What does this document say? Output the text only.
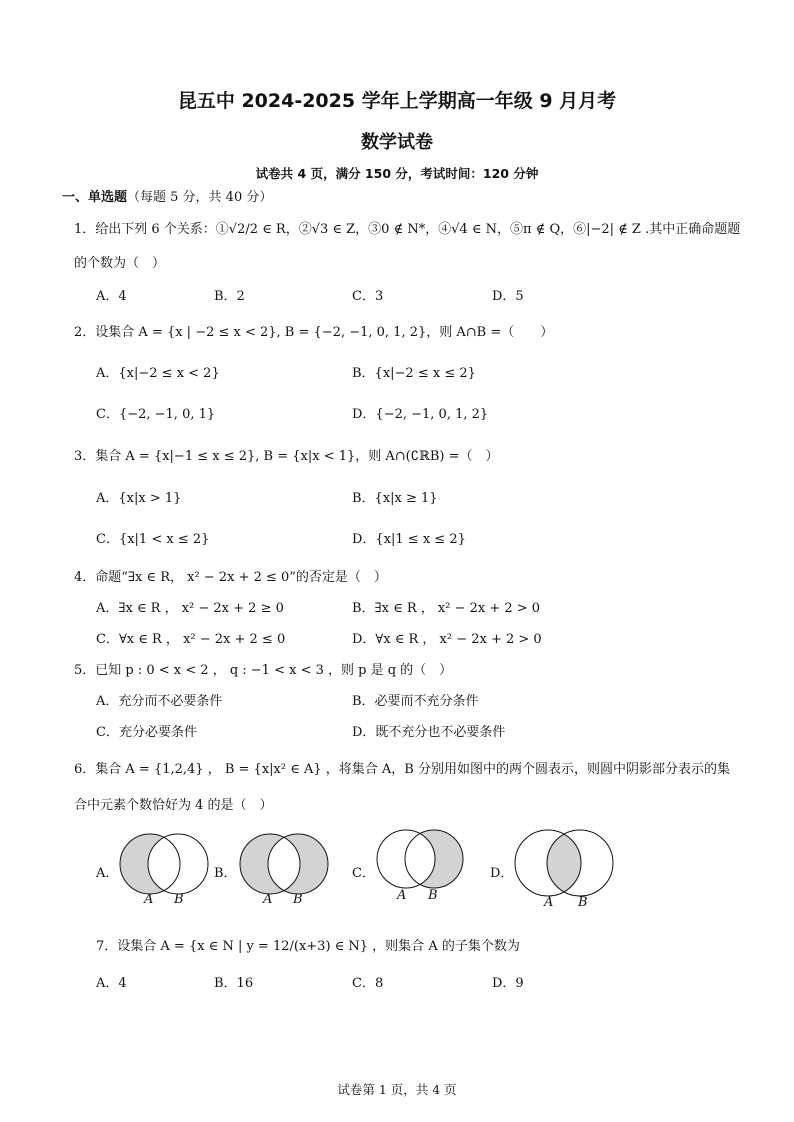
昆五中 2024-2025 学年上学期高一年级 9 月月考
数学试卷
试卷共 4 页，满分 150 分，考试时间：120 分钟
一、单选题（每题 5 分，共 40 分）
1．给出下列 6 个关系：①√2/2 ∈ R，②√3 ∈ Z，③0 ∉ N*，④√4 ∈ N，⑤π ∉ Q，⑥|−2| ∉ Z .其中正确命题题
的个数为（　）
A．4	B．2	C．3	D．5
2．设集合 A = {x | −2 ≤ x < 2}, B = {−2, −1, 0, 1, 2}，则 A∩B =（　　）
A．{x|−2 ≤ x < 2}	B．{x|−2 ≤ x ≤ 2}
C．{−2, −1, 0, 1}	D．{−2, −1, 0, 1, 2}
3．集合 A = {x|−1 ≤ x ≤ 2}, B = {x|x < 1}，则 A∩(∁ℝB) =（　）
A．{x|x > 1}	B．{x|x ≥ 1}
C．{x|1 < x ≤ 2}	D．{x|1 ≤ x ≤ 2}
4．命题“∃x ∈ R， x² − 2x + 2 ≤ 0”的否定是（　）
A．∃x ∈ R ， x² − 2x + 2 ≥ 0	B．∃x ∈ R ， x² − 2x + 2 > 0
C．∀x ∈ R ， x² − 2x + 2 ≤ 0	D．∀x ∈ R ， x² − 2x + 2 > 0
5．已知 p : 0 < x < 2 ， q : −1 < x < 3 ，则 p 是 q 的（　）
A．充分而不必要条件	B．必要而不充分条件
C．充分必要条件	D．既不充分也不必要条件
6．集合 A = {1,2,4} ， B = {x|x² ∈ A} ，将集合 A，B 分别用如图中的两个圆表示，则圆中阴影部分表示的集
合中元素个数恰好为 4 的是（　）
A．	B．	C．	D．
A B	A B	A B	A B
7．设集合 A = {x ∈ N | y = 12/(x+3) ∈ N} ，则集合 A 的子集个数为
A．4	B．16	C．8	D．9
试卷第 1 页，共 4 页
